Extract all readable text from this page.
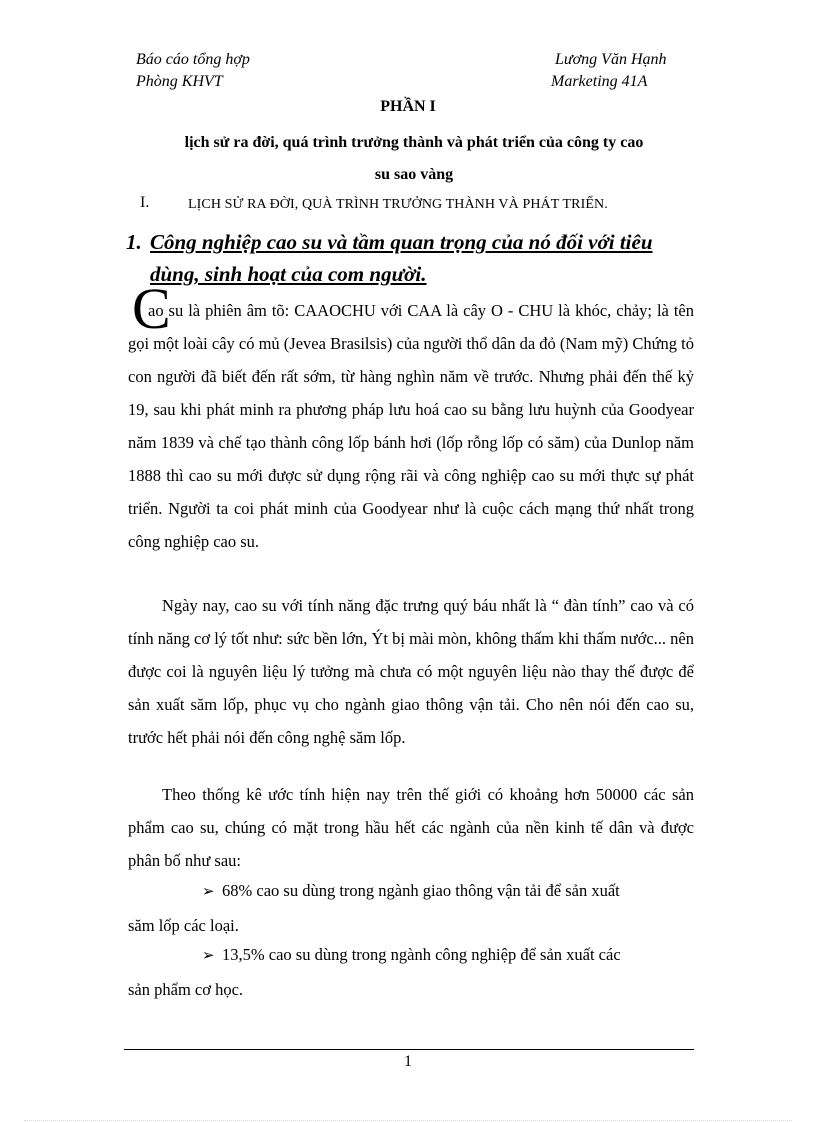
Báo cáo tổng hợp
Phòng KHVT
Lương Văn Hạnh
Marketing 41A
PHẦN I
lịch sử ra đời, quá trình trưởng thành và phát triển của công ty cao
su sao vàng
I.	LỊCH SỬ RA ĐỜI, QUÀ TRÌNH TRƯỞNG THÀNH VÀ PHÁT TRIỂN.
1. Công nghiệp cao su và tầm quan trọng của nó đối với tiêu
dùng, sinh hoạt của com người.
C
ao su là phiên âm tõ: CAAOCHU với CAA là cây O - CHU là khóc, chảy; là tên gọi một loài cây có mủ (Jevea Brasilsis) của người thổ dân da đỏ (Nam mỹ) Chứng tỏ con người đã biết đến rất sớm, từ hàng nghìn năm về trước. Nhưng phải đến thế kỷ 19, sau khi phát minh ra phương pháp lưu hoá cao su bằng lưu huỳnh của Goodyear năm 1839 và chế tạo thành công lốp bánh hơi (lốp rỗng lốp có săm) của Dunlop năm 1888 thì cao su mới được sử dụng rộng rãi và công nghiệp cao su mới thực sự phát triển. Người ta coi phát minh của Goodyear như là cuộc cách mạng thứ nhất trong công nghiệp cao su.
Ngày nay, cao su với tính năng đặc trưng quý báu nhất là “ đàn tính” cao và có tính năng cơ lý tốt như: sức bền lớn, Ýt bị mài mòn, không thấm khi thấm nước... nên được coi là nguyên liệu lý tưởng mà chưa có một nguyên liệu nào thay thế được để sản xuất săm lốp, phục vụ cho ngành giao thông vận tải. Cho nên nói đến cao su, trước hết phải nói đến công nghệ săm lốp.
Theo thống kê ước tính hiện nay trên thế giới có khoảng hơn 50000 các sản phẩm cao su, chúng có mặt trong hầu hết các ngành của nền kinh tế dân và được phân bố như sau:
➢ 68% cao su dùng trong ngành giao thông vận tải để sản xuất
săm lốp các loại.
➢ 13,5% cao su dùng trong ngành công nghiệp để sản xuất các
sản phẩm cơ học.
1
